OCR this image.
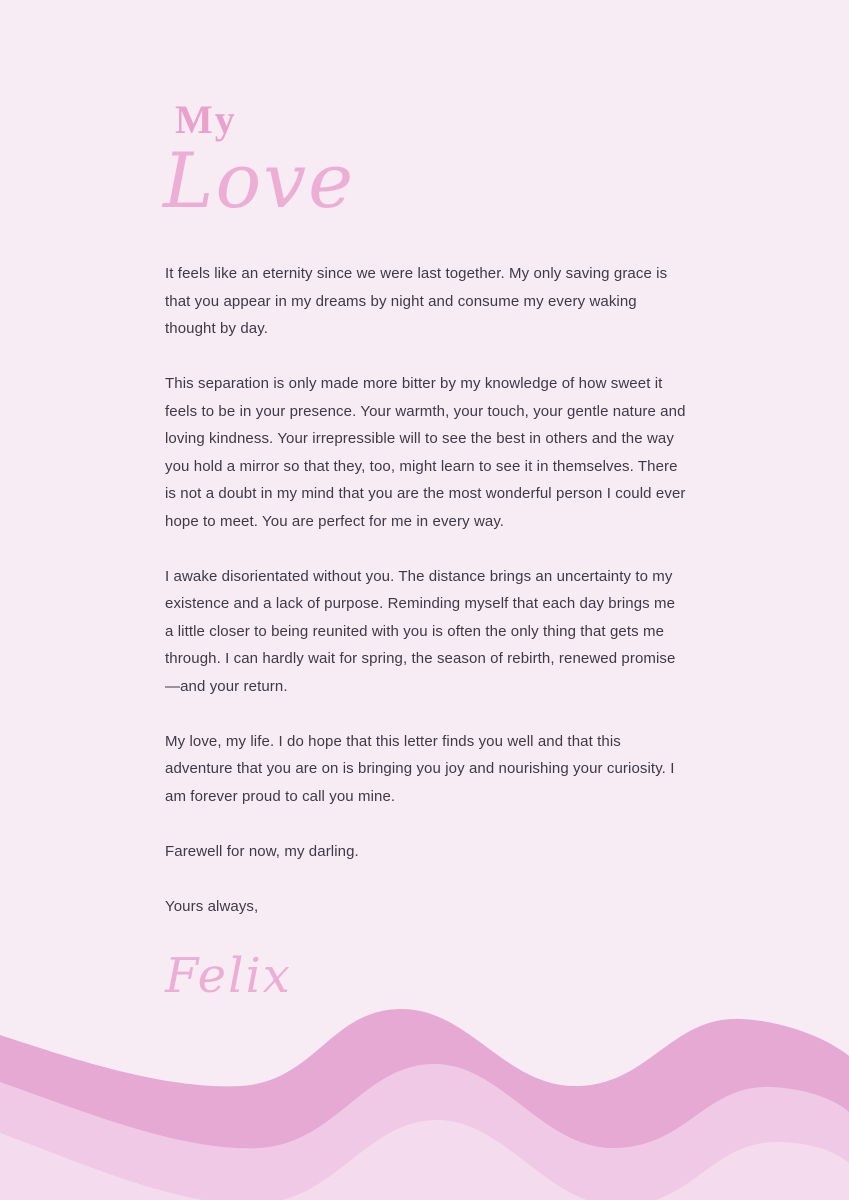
My
Love

It feels like an eternity since we were last together. My only saving grace is that you appear in my dreams by night and consume my every waking thought by day.

This separation is only made more bitter by my knowledge of how sweet it feels to be in your presence. Your warmth, your touch, your gentle nature and loving kindness. Your irrepressible will to see the best in others and the way you hold a mirror so that they, too, might learn to see it in themselves. There is not a doubt in my mind that you are the most wonderful person I could ever hope to meet. You are perfect for me in every way.

I awake disorientated without you. The distance brings an uncertainty to my existence and a lack of purpose. Reminding myself that each day brings me a little closer to being reunited with you is often the only thing that gets me through. I can hardly wait for spring, the season of rebirth, renewed promise—and your return.

My love, my life. I do hope that this letter finds you well and that this adventure that you are on is bringing you joy and nourishing your curiosity. I am forever proud to call you mine.

Farewell for now, my darling.

Yours always,

Felix
